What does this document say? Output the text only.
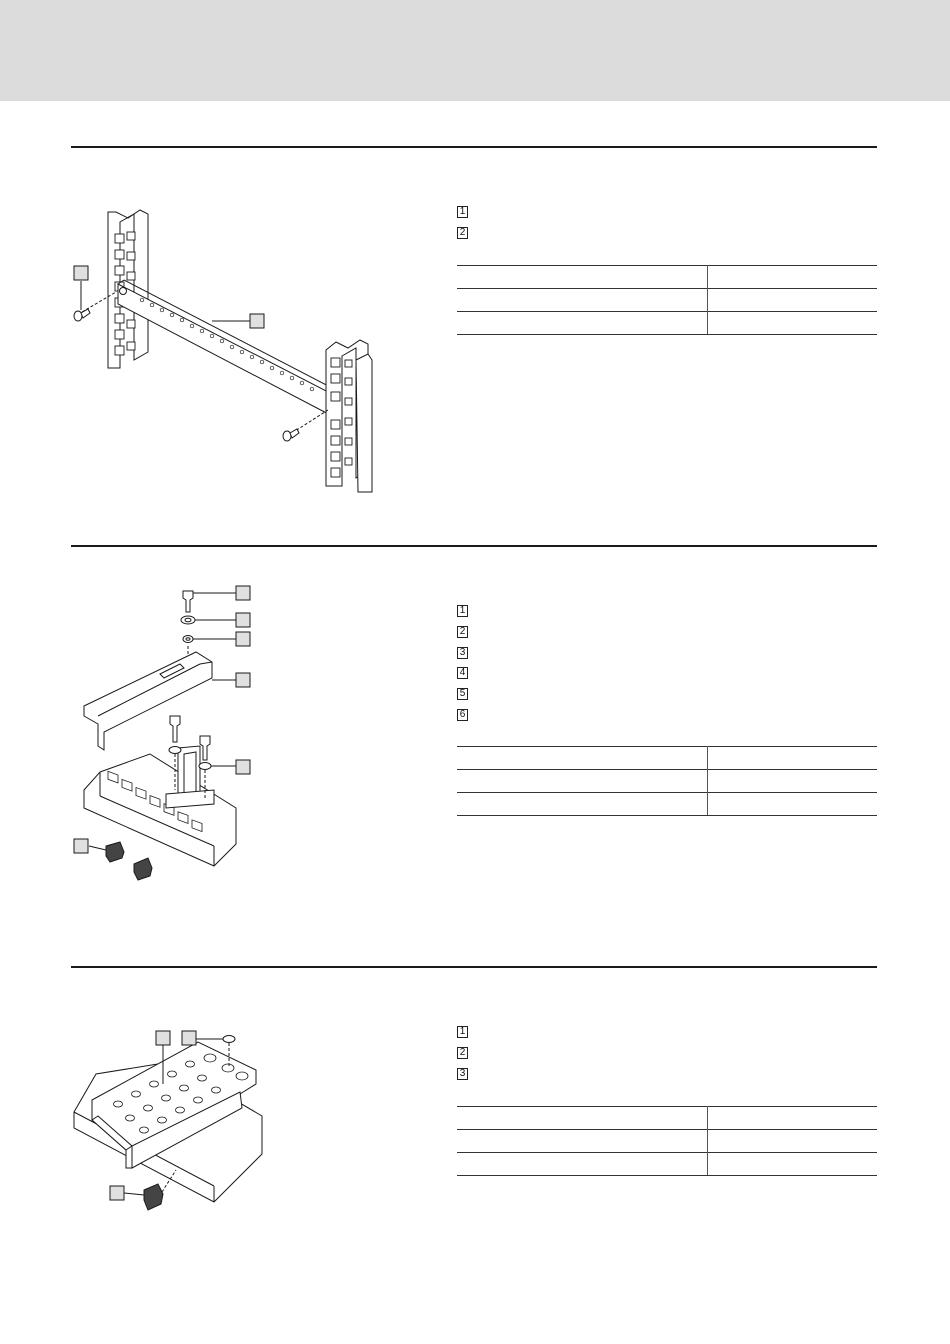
1
2

1
2
3
4
5
6

1
2
3
